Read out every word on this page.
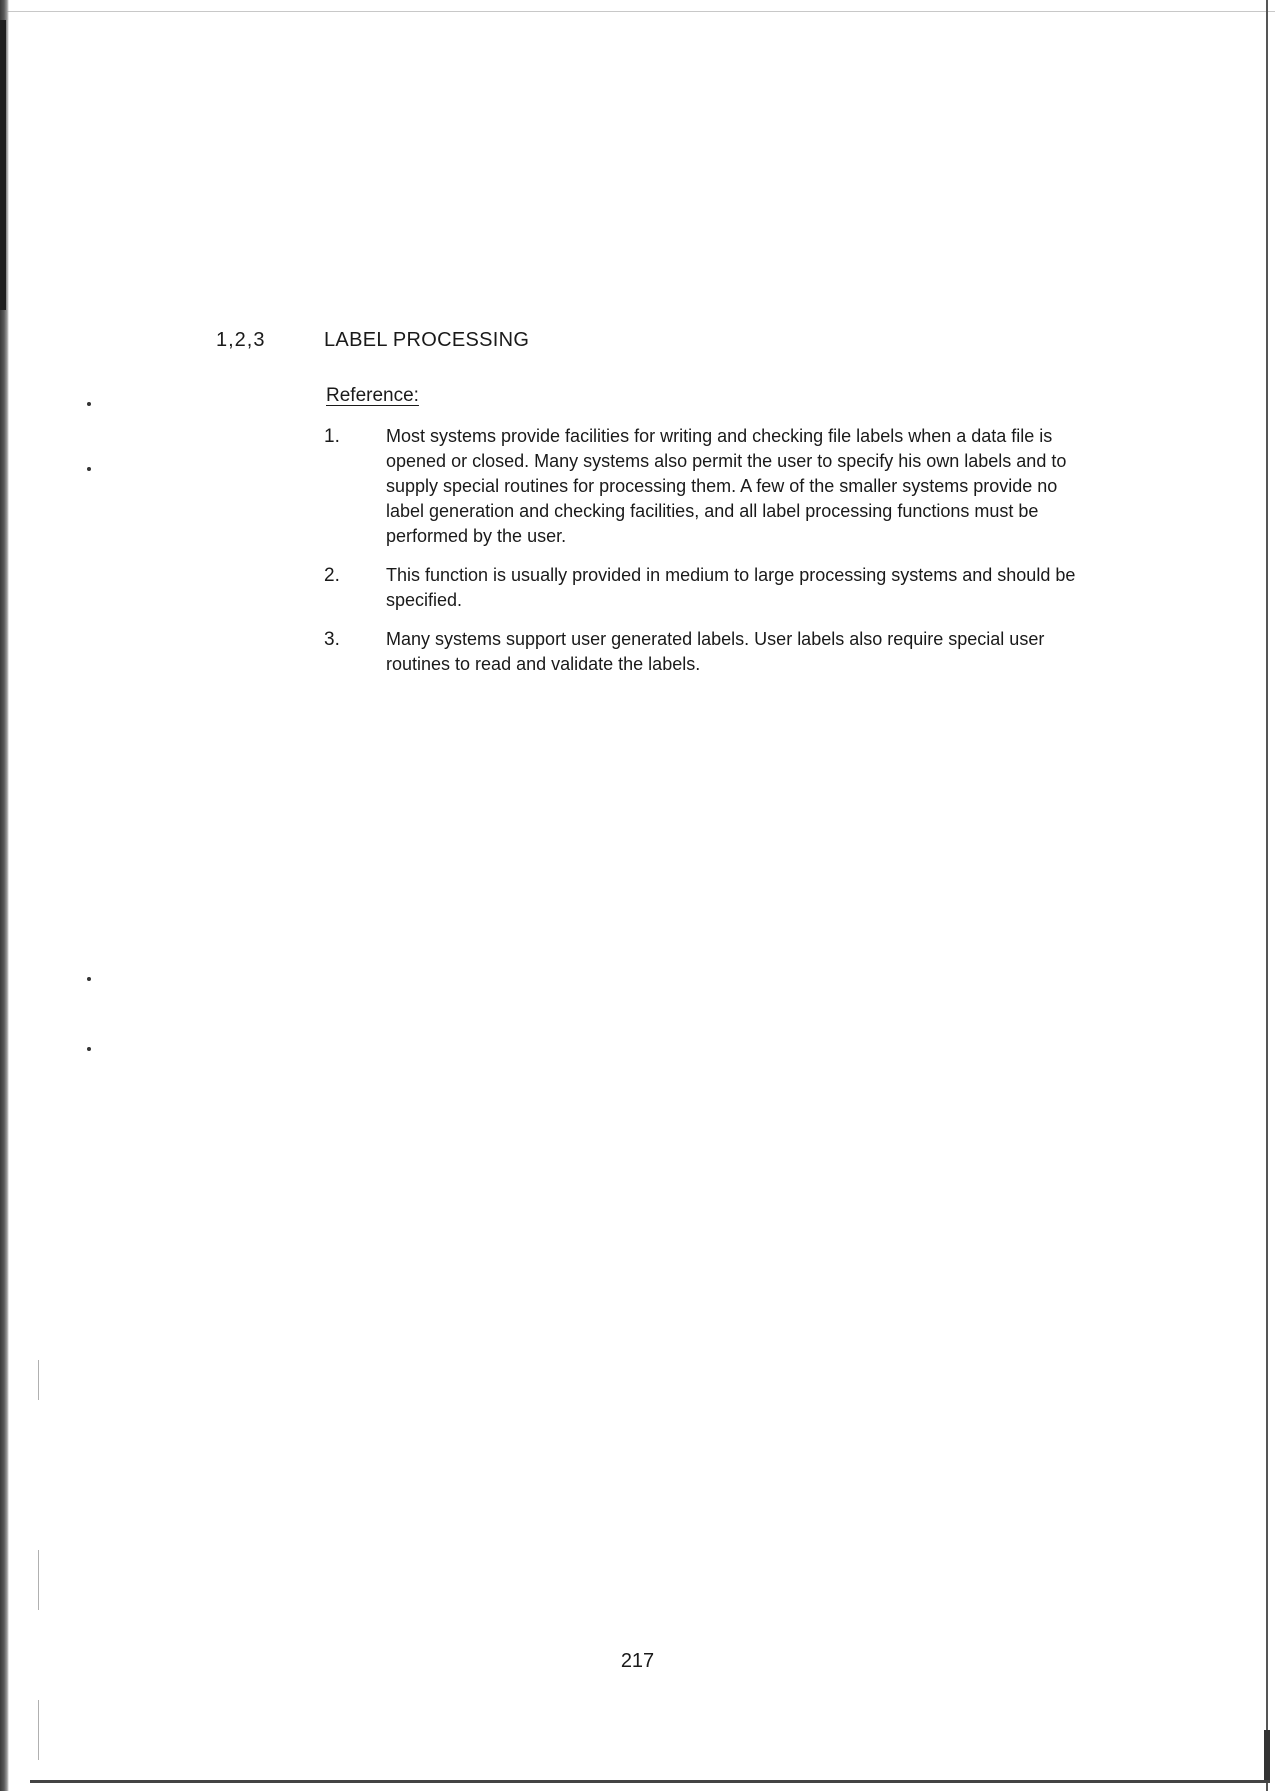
1,2,3	LABEL PROCESSING
Reference:
1.	Most systems provide facilities for writing and checking file labels when a data file is opened or closed. Many systems also permit the user to specify his own labels and to supply special routines for processing them. A few of the smaller systems provide no label generation and checking facilities, and all label processing functions must be performed by the user.

2.	This function is usually provided in medium to large processing systems and should be specified.

3.	Many systems support user generated labels. User labels also require special user routines to read and validate the labels.

217
